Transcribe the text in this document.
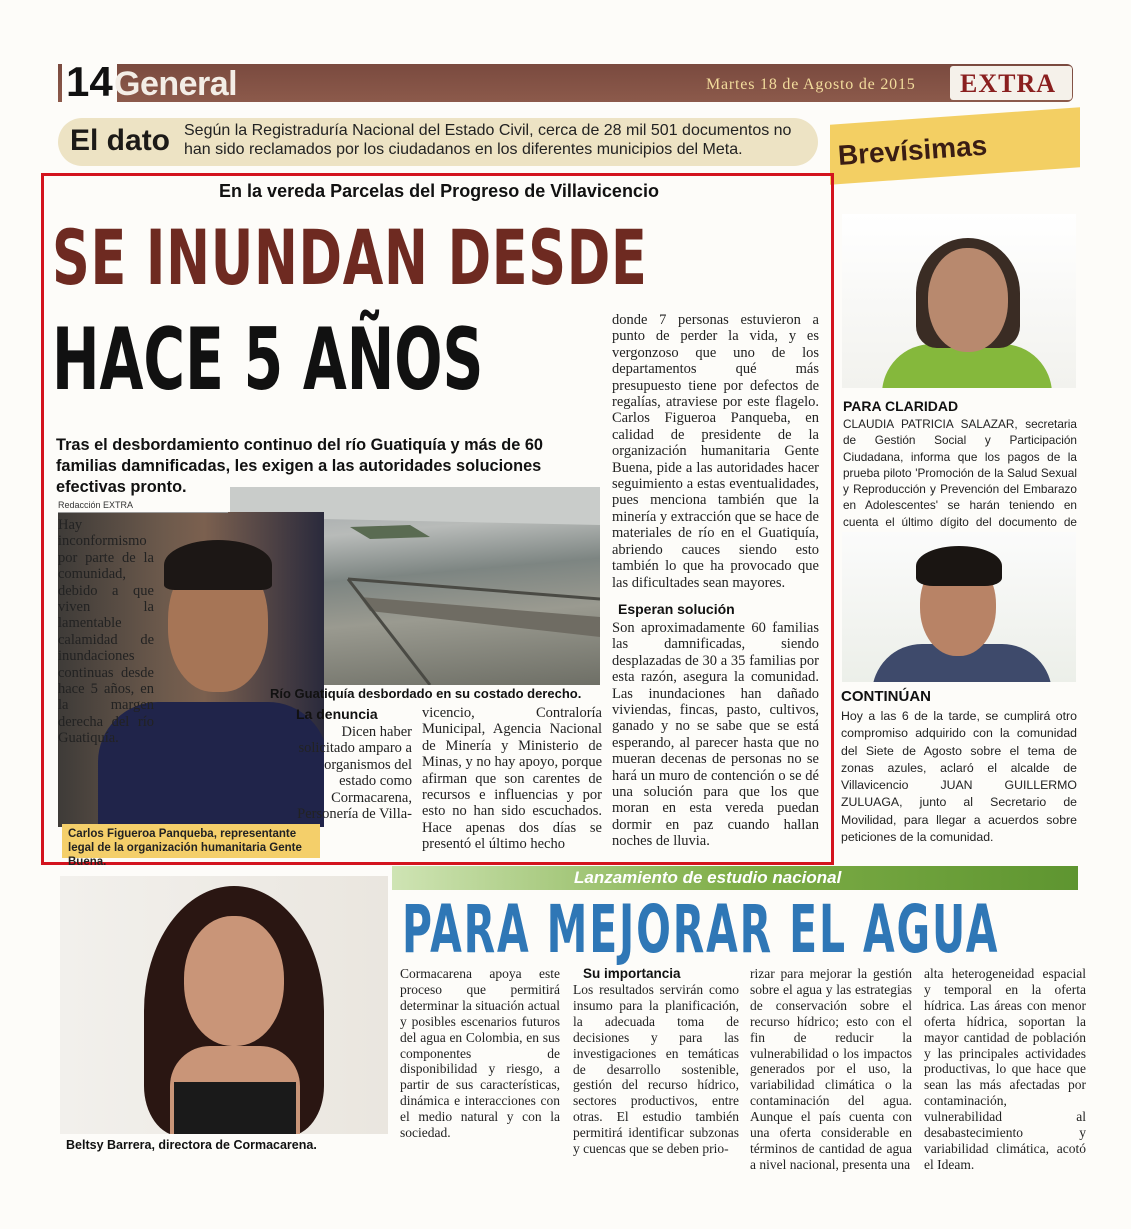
14 General	Martes 18 de Agosto de 2015 EXTRA
El dato Según la Registraduría Nacional del Estado Civil, cerca de 28 mil 501 documentos no han sido reclamados por los ciudadanos en los diferentes municipios del Meta.	Brevísimas
En la vereda Parcelas del Progreso de Villavicencio
SE INUNDAN DESDE
HACE 5 AÑOS
Tras el desbordamiento continuo del río Guatiquía y más de 60 familias damnificadas, les exigen a las autoridades soluciones efectivas pronto.
Redacción EXTRA
Hay inconformismo por parte de la comunidad, debido a que viven la lamentable calamidad de inundaciones continuas desde hace 5 años, en la margen derecha del río Guatiquía.
Carlos Figueroa Panqueba, representante legal de la organización humanitaria Gente Buena.
Río Guatiquía desbordado en su costado derecho.
La denuncia
Dicen haber solicitado amparo a organismos del estado como Cormacarena, Personería de Villa-
vicencio, Contraloría Municipal, Agencia Nacional de Minería y Ministerio de Minas, y no hay apoyo, porque afirman que son carentes de recursos e influencias y por esto no han sido escuchados. Hace apenas dos días se presentó el último hecho
donde 7 personas estuvieron a punto de perder la vida, y es vergonzoso que uno de los departamentos qué más presupuesto tiene por defectos de regalías, atraviese por este flagelo. Carlos Figueroa Panqueba, en calidad de presidente de la organización humanitaria Gente Buena, pide a las autoridades hacer seguimiento a estas eventualidades, pues menciona también que la minería y extracción que se hace de materiales de río en el Guatiquía, abriendo cauces siendo esto también lo que ha provocado que las dificultades sean mayores.
Esperan solución
Son aproximadamente 60 familias las damnificadas, siendo desplazadas de 30 a 35 familias por esta razón, asegura la comunidad. Las inundaciones han dañado viviendas, fincas, pasto, cultivos, ganado y no se sabe que se está esperando, al parecer hasta que no mueran decenas de personas no se hará un muro de contención o se dé una solución para que los que moran en esta vereda puedan dormir en paz cuando hallan noches de lluvia.
PARA CLARIDAD
CLAUDIA PATRICIA SALAZAR, secretaria de Gestión Social y Participación Ciudadana, informa que los pagos de la prueba piloto 'Promoción de la Salud Sexual y Reproducción y Prevención del Embarazo en Adolescentes' se harán teniendo en cuenta el último dígito del documento de
CONTINÚAN
Hoy a las 6 de la tarde, se cumplirá otro compromiso adquirido con la comunidad del Siete de Agosto sobre el tema de zonas azules, aclaró el alcalde de Villavicencio JUAN GUILLERMO ZULUAGA, junto al Secretario de Movilidad, para llegar a acuerdos sobre peticiones de la comunidad.
Lanzamiento de estudio nacional
Beltsy Barrera, directora de Cormacarena.
PARA MEJORAR EL AGUA
Cormacarena apoya este proceso que permitirá determinar la situación actual y posibles escenarios futuros del agua en Colombia, en sus componentes de disponibilidad y riesgo, a partir de sus características, dinámica e interacciones con el medio natural y con la sociedad.
Su importancia
Los resultados servirán como insumo para la planificación, la adecuada toma de decisiones y para las investigaciones en temáticas de desarrollo sostenible, gestión del recurso hídrico, sectores productivos, entre otras. El estudio también permitirá identificar subzonas y cuencas que se deben prio-
rizar para mejorar la gestión sobre el agua y las estrategias de conservación sobre el recurso hídrico; esto con el fin de reducir la vulnerabilidad o los impactos generados por el uso, la variabilidad climática o la contaminación del agua. Aunque el país cuenta con una oferta considerable en términos de cantidad de agua a nivel nacional, presenta una
alta heterogeneidad espacial y temporal en la oferta hídrica. Las áreas con menor oferta hídrica, soportan la mayor cantidad de población y las principales actividades productivas, lo que hace que sean las más afectadas por contaminación, vulnerabilidad al desabastecimiento y variabilidad climática, acotó el Ideam.
